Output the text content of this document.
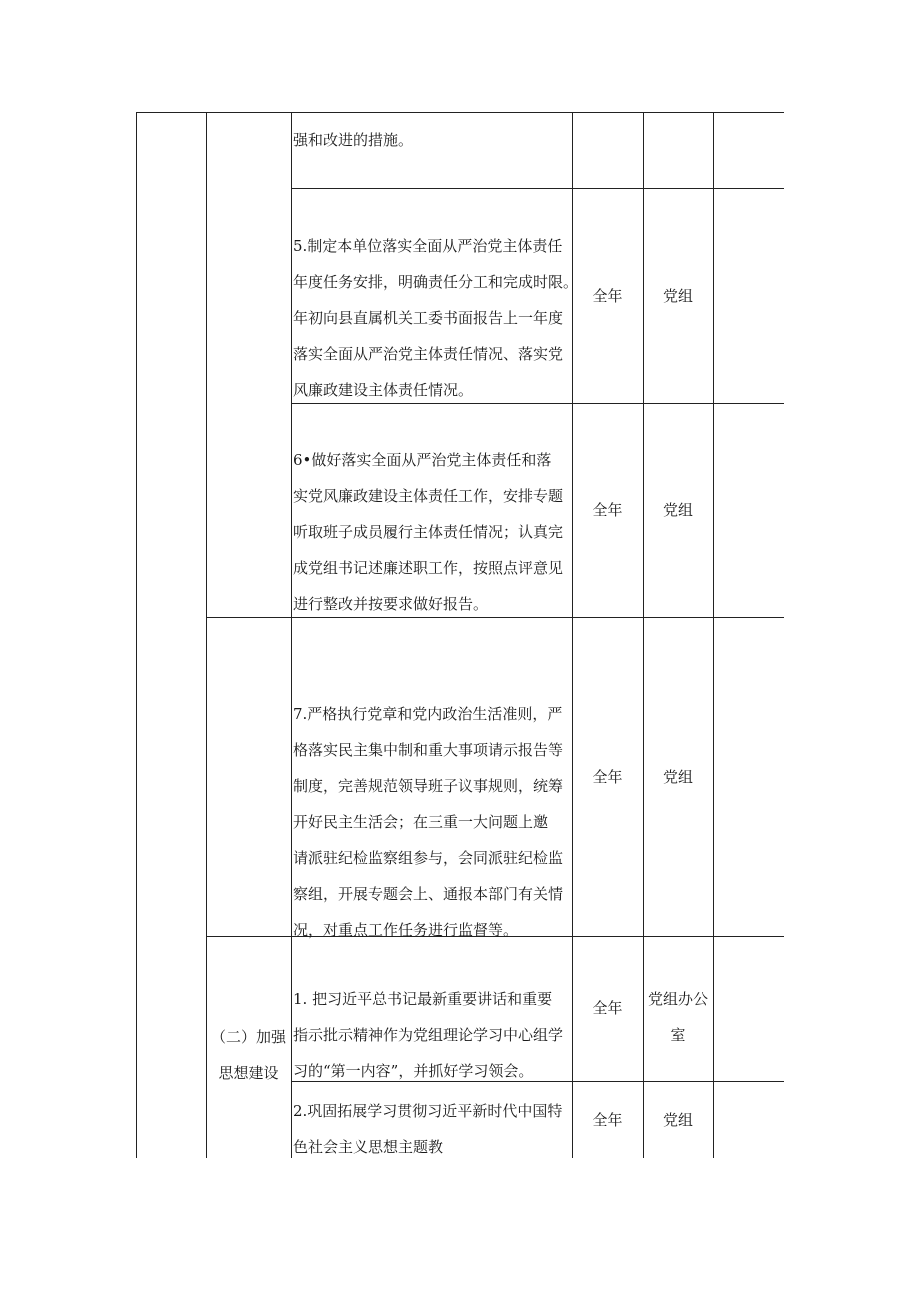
强和改进的措施。
5.制定本单位落实全面从严治党主体责任
年度任务安排，明确责任分工和完成时限。
年初向县直属机关工委书面报告上一年度
落实全面从严治党主体责任情况、落实党
风廉政建设主体责任情况。
全年	党组
6•做好落实全面从严治党主体责任和落
实党风廉政建设主体责任工作，安排专题
听取班子成员履行主体责任情况；认真完
成党组书记述廉述职工作，按照点评意见
进行整改并按要求做好报告。
全年	党组
7.严格执行党章和党内政治生活准则，严
格落实民主集中制和重大事项请示报告等
制度，完善规范领导班子议事规则，统筹
开好民主生活会；在三重一大问题上邀
请派驻纪检监察组参与，会同派驻纪检监
察组，开展专题会上、通报本部门有关情
况，对重点工作任务进行监督等。
全年	党组
（二）加强
思想建设
1. 把习近平总书记最新重要讲话和重要
指示批示精神作为党组理论学习中心组学
习的“第一内容”，并抓好学习领会。
全年	党组办公
室
2.巩固拓展学习贯彻习近平新时代中国特
色社会主义思想主题教
全年	党组
